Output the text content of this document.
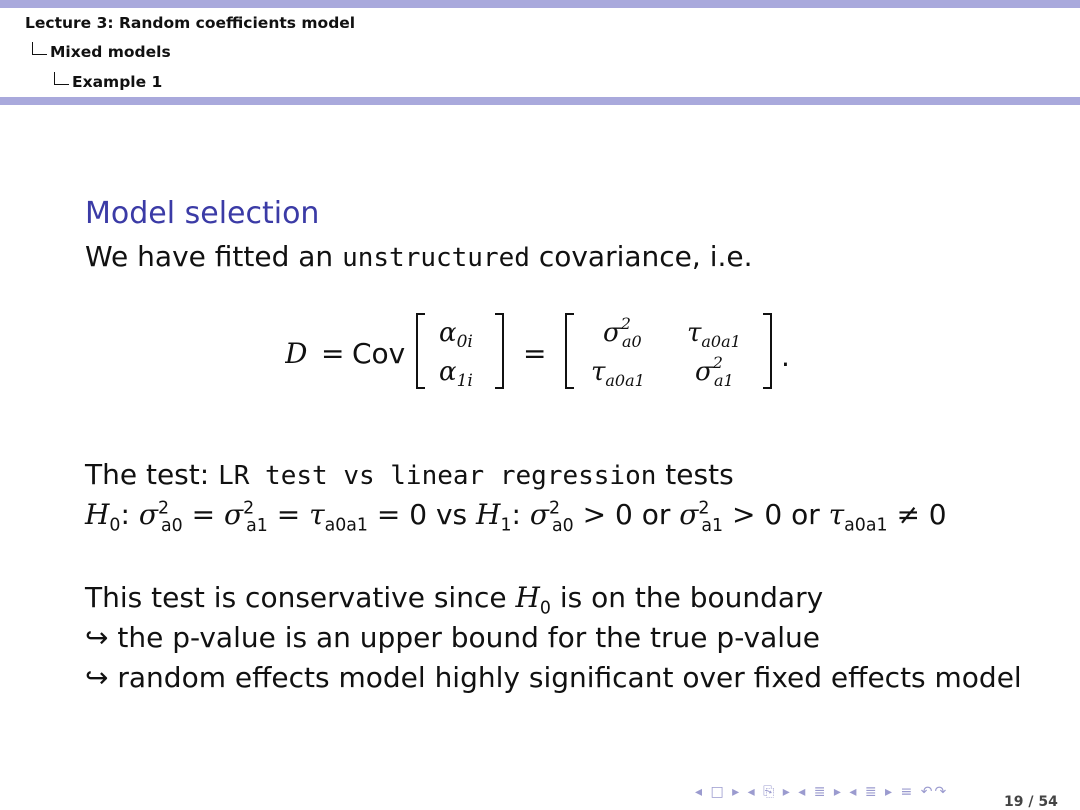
Lecture 3: Random coefficients model
Mixed models
Example 1
Model selection
We have fitted an unstructured covariance, i.e.
D = Cov
$\alpha_{0i}$
$\alpha_{1i}$
=
$\sigma^2$ a0 $\tau_{a0a1}$
$\tau_{a0a1}$ $\sigma^2$ a1
.
The test: LR test vs linear regression tests
$H_0$: $\sigma^2_{a0} = \sigma^2_{a1} = \tau_{a0a1} = 0$ vs $H_1$: $\sigma^2_{a0} > 0$ or $\sigma^2_{a1} > 0$ or $\tau_{a0a1} \ne 0$
This test is conservative since $H_0$ is on the boundary
↪ the p-value is an upper bound for the true p-value
↪ random effects model highly significant over fixed effects model
◂ □ ▸ ◂ ⎘ ▸ ◂ ≣ ▸ ◂ ≣ ▸ ≡ ↶↷
19 / 54
